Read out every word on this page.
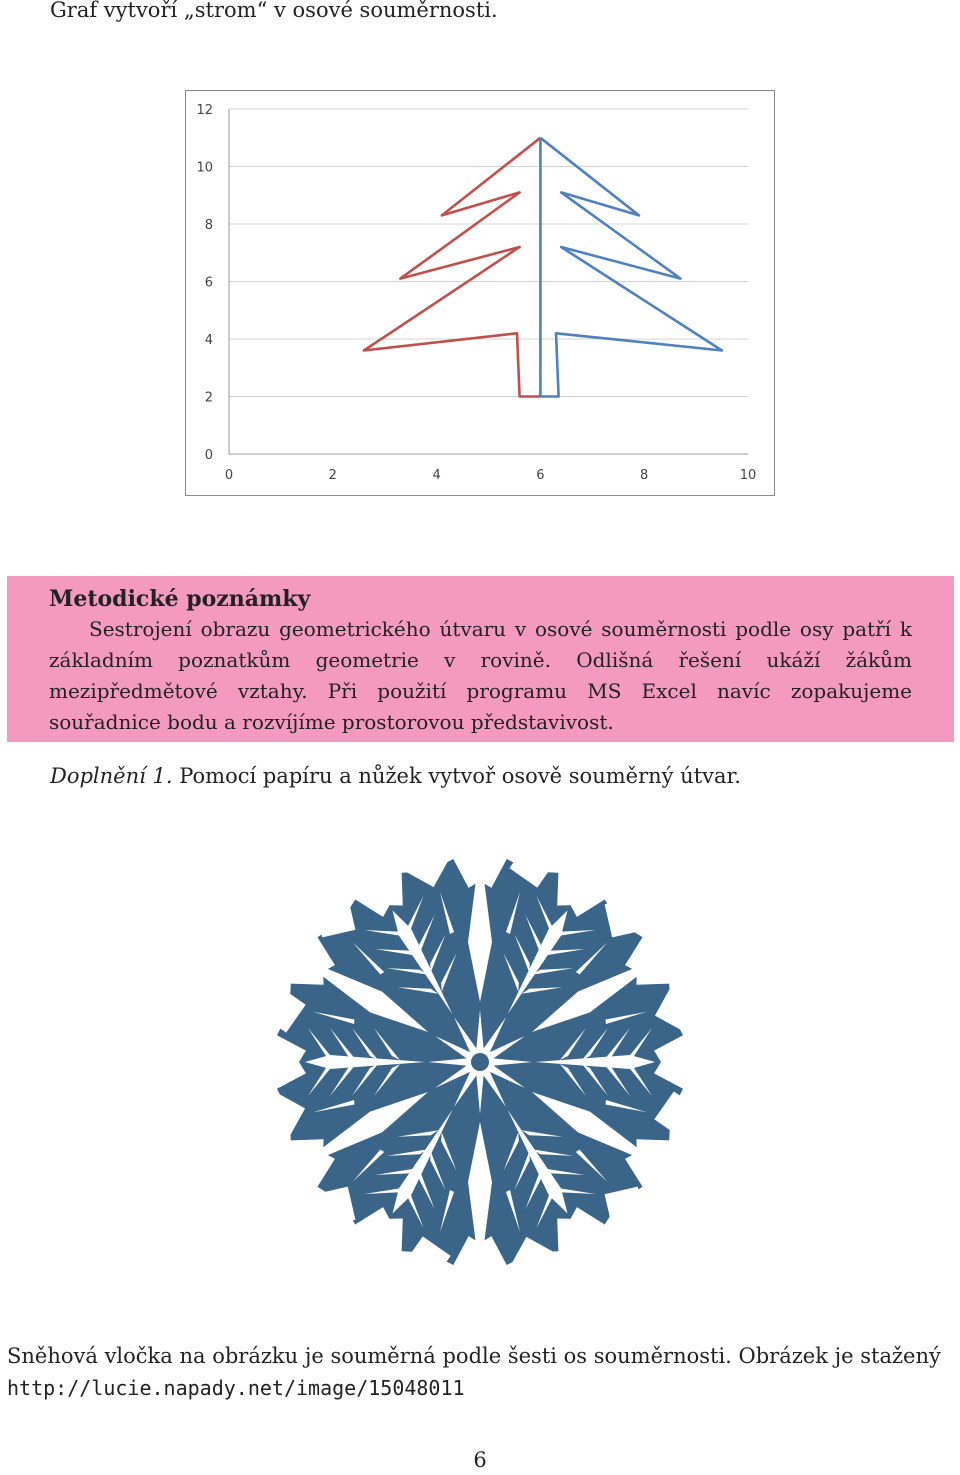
Graf vytvoří „strom“ v osové souměrnosti.
0
2
4
6
8
10
12
0	2	4	6	8	10
Metodické poznámky
Sestrojení obrazu geometrického útvaru v osové souměrnosti podle osy patří k základním poznatkům geometrie v rovině. Odlišná řešení ukáží žákům mezipředmětové vztahy. Při použití programu MS Excel navíc zopakujeme souřadnice bodu a rozvíjíme prostorovou představivost.
Doplnění 1. Pomocí papíru a nůžek vytvoř osově souměrný útvar.
Sněhová vločka na obrázku je souměrná podle šesti os souměrnosti. Obrázek je stažený
http://lucie.napady.net/image/15048011
6
